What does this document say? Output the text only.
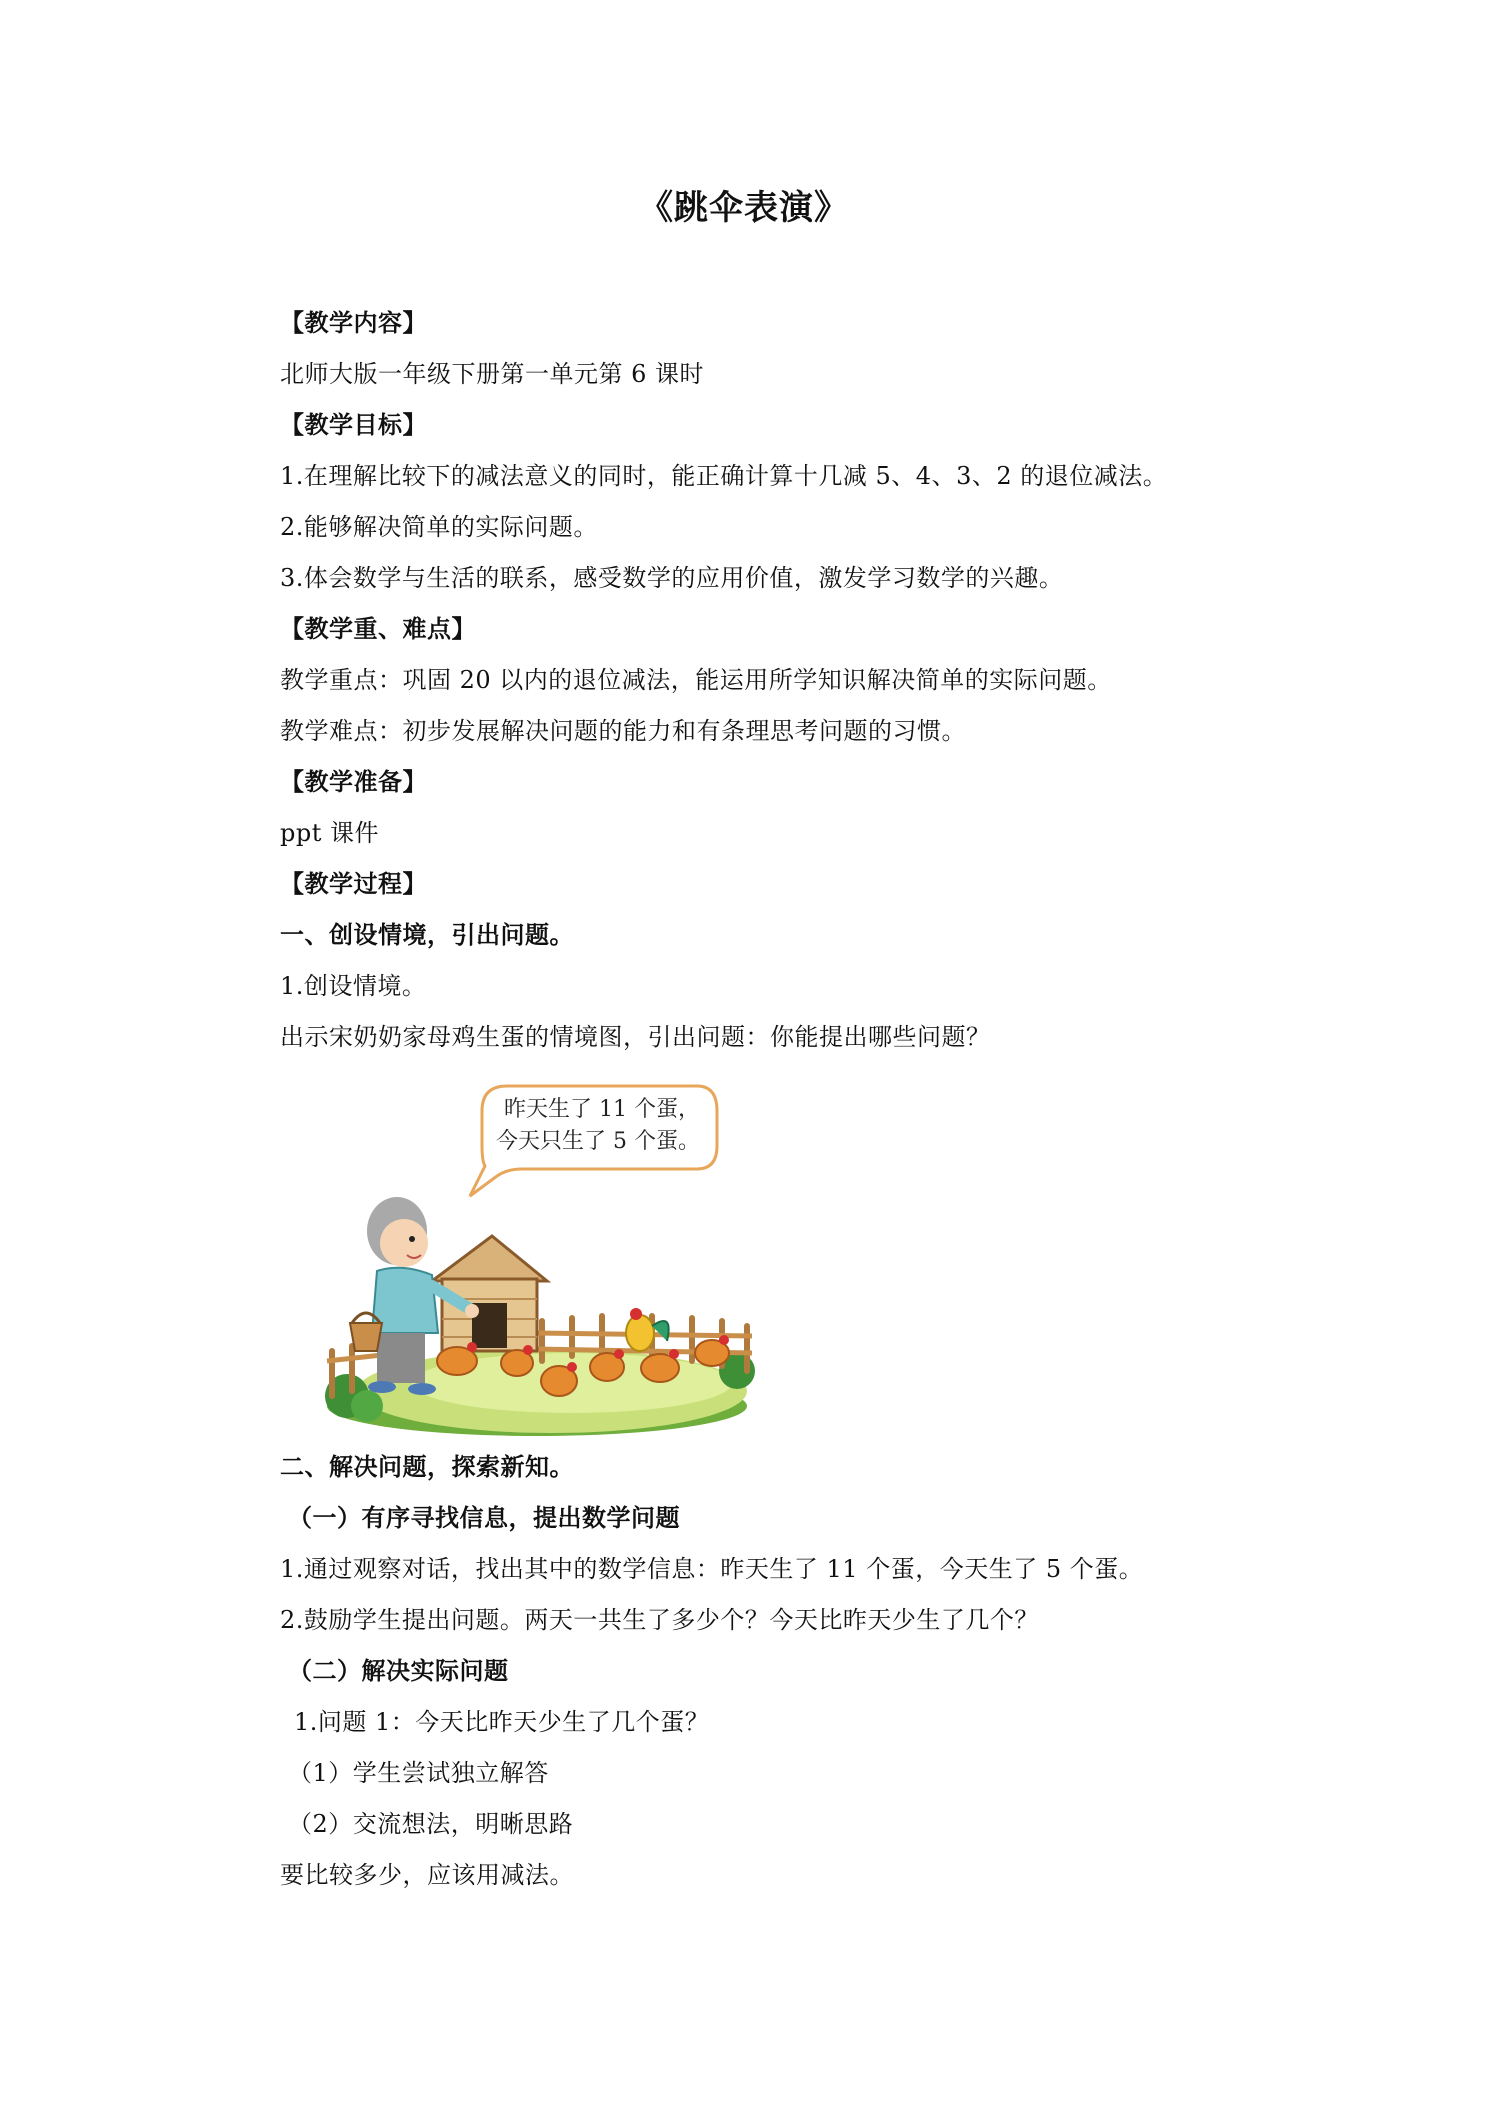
《跳伞表演》
【教学内容】
北师大版一年级下册第一单元第 6 课时
【教学目标】
1.在理解比较下的减法意义的同时，能正确计算十几减 5、4、3、2 的退位减法。
2.能够解决简单的实际问题。
3.体会数学与生活的联系，感受数学的应用价值，激发学习数学的兴趣。
【教学重、难点】
教学重点：巩固 20 以内的退位减法，能运用所学知识解决简单的实际问题。
教学难点：初步发展解决问题的能力和有条理思考问题的习惯。
【教学准备】
ppt 课件
【教学过程】
一、创设情境，引出问题。
1.创设情境。
出示宋奶奶家母鸡生蛋的情境图，引出问题：你能提出哪些问题？
昨天生了 11 个蛋，
今天只生了 5 个蛋。
二、解决问题，探索新知。
（一）有序寻找信息，提出数学问题
1.通过观察对话，找出其中的数学信息：昨天生了 11 个蛋，今天生了 5 个蛋。
2.鼓励学生提出问题。两天一共生了多少个？今天比昨天少生了几个？
（二）解决实际问题
1.问题 1：今天比昨天少生了几个蛋？
（1）学生尝试独立解答
（2）交流想法，明晰思路
要比较多少，应该用减法。
